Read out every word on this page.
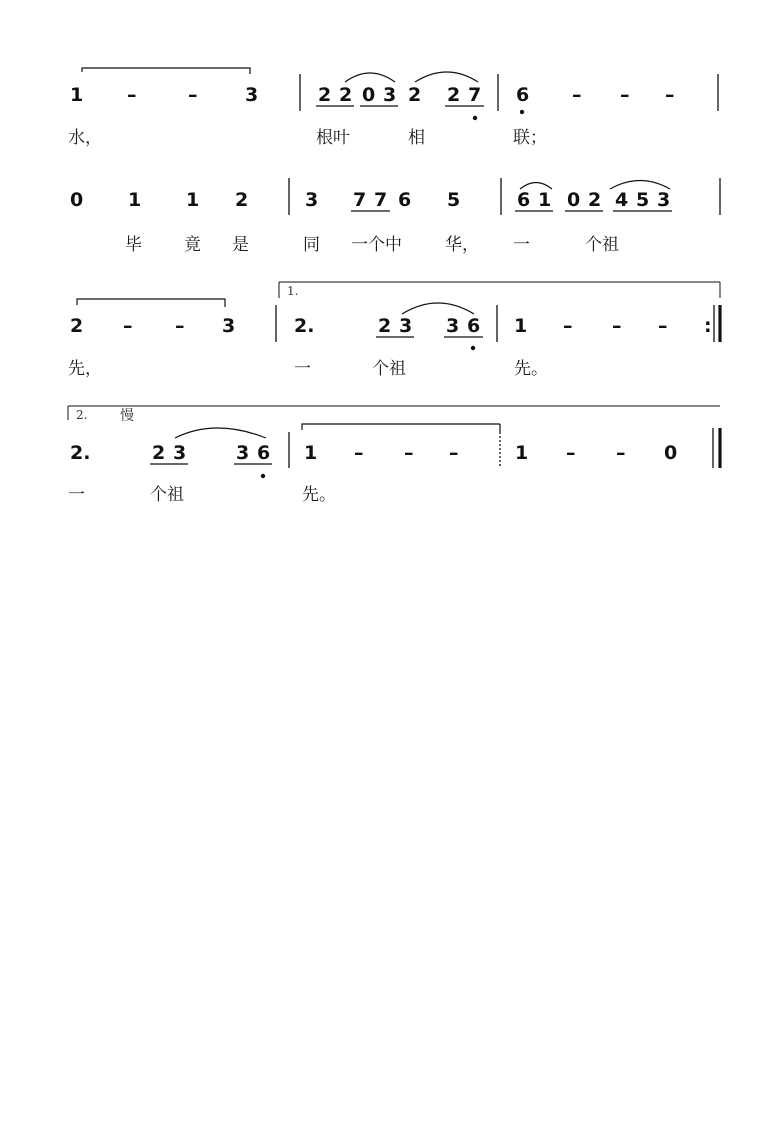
1 –	–	3	2 2 0 3 2 2 7 6 – – –
水，	根叶	相	联；
0 1 1 2	3 7 7 6 5	6 1 0 2 4 5 3
毕 竟 是	同 一个中	华， 一	个祖
1.
2 – – 3	2.	2 3 3 6 1 – – – :
先，	一	个祖	先。
2. 慢
2.	2 3	3 6 1 – – –	1 – – 0
一	个祖	先。
